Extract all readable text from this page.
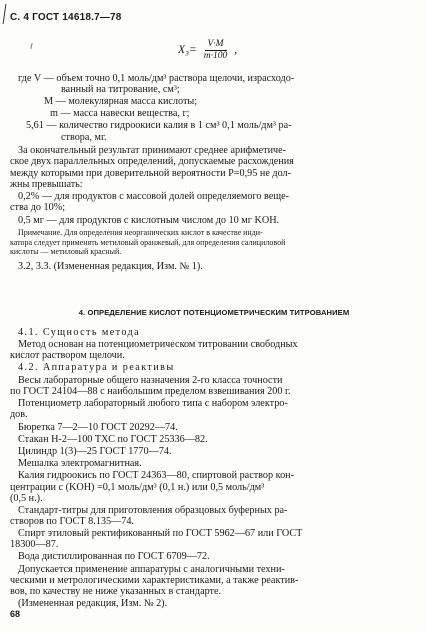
С. 4 ГОСТ 14618.7—78
$X_3= \frac{V\cdot M}{m\cdot 100}$ ,
где V — объем точно 0,1 моль/дм³ раствора щелочи, израсходо-
ванный на титрование, см³;
M — молекулярная масса кислоты;
m — масса навески вещества, г;
5,61 — количество гидроокиси калия в 1 см³ 0,1 моль/дм³ ра-
створа, мг.
За окончательный результат принимают среднее арифметиче-
ское двух параллельных определений, допускаемые расхождения
между которыми при доверительной вероятности P=0,95 не дол-
жны превышать:
0,2% — для продуктов с массовой долей определяемого веще-
ства до 10%;
0,5 мг — для продуктов с кислотным числом до 10 мг KOH.
Примечание. Для определения неорганических кислот в качестве инди-
катора следует применять метиловый оранжевый, для определения салициловой
кислоты — метиловый красный.
3.2, 3.3. (Измененная редакция, Изм. № 1).
4. ОПРЕДЕЛЕНИЕ КИСЛОТ ПОТЕНЦИОМЕТРИЧЕСКИМ ТИТРОВАНИЕМ
4.1. Сущность метода
Метод основан на потенциометрическом титровании свободных
кислот раствором щелочи.
4.2. Аппаратура и реактивы
Весы лабораторные общего назначения 2-го класса точности
по ГОСТ 24104—88 с наибольшим пределом взвешивания 200 г.
Потенциометр лабораторный любого типа с набором электро-
дов.
Бюретка 7—2—10 ГОСТ 20292—74.
Стакан Н-2—100 ТХС по ГОСТ 25336—82.
Цилиндр 1(3)—25 ГОСТ 1770—74.
Мешалка электромагнитная.
Калия гидроокись по ГОСТ 24363—80, спиртовой раствор кон-
центрации с (KOH) =0,1 моль/дм³ (0,1 н.) или 0,5 моль/дм³
(0,5 н.).
Стандарт-титры для приготовления образцовых буферных ра-
створов по ГОСТ 8.135—74.
Спирт этиловый ректификованный по ГОСТ 5962—67 или ГОСТ
18300—87.
Вода дистиллированная по ГОСТ 6709—72.
Допускается применение аппаратуры с аналогичными техни-
ческими и метрологическими характеристиками, а также реактив-
вов, по качеству не ниже указанных в стандарте.
(Измененная редакция, Изм. № 2).
68
